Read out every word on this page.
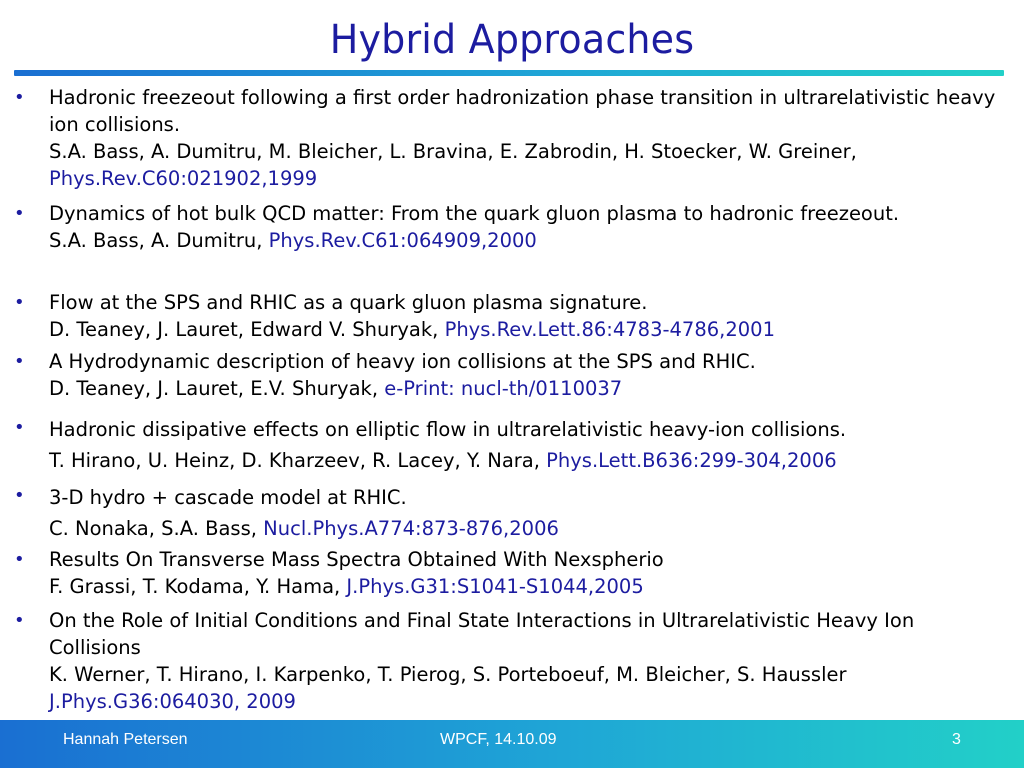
Hybrid Approaches
• Hadronic freezeout following a first order hadronization phase transition in ultrarelativistic heavy ion collisions.
S.A. Bass, A. Dumitru, M. Bleicher, L. Bravina, E. Zabrodin, H. Stoecker, W. Greiner,
Phys.Rev.C60:021902,1999
• Dynamics of hot bulk QCD matter: From the quark gluon plasma to hadronic freezeout.
S.A. Bass, A. Dumitru, Phys.Rev.C61:064909,2000
• Flow at the SPS and RHIC as a quark gluon plasma signature.
D. Teaney, J. Lauret, Edward V. Shuryak, Phys.Rev.Lett.86:4783-4786,2001
• A Hydrodynamic description of heavy ion collisions at the SPS and RHIC.
D. Teaney, J. Lauret, E.V. Shuryak, e-Print: nucl-th/0110037
• Hadronic dissipative effects on elliptic flow in ultrarelativistic heavy-ion collisions.
T. Hirano, U. Heinz, D. Kharzeev, R. Lacey, Y. Nara, Phys.Lett.B636:299-304,2006
• 3-D hydro + cascade model at RHIC.
C. Nonaka, S.A. Bass, Nucl.Phys.A774:873-876,2006
• Results On Transverse Mass Spectra Obtained With Nexspherio
F. Grassi, T. Kodama, Y. Hama, J.Phys.G31:S1041-S1044,2005
• On the Role of Initial Conditions and Final State Interactions in Ultrarelativistic Heavy Ion Collisions
K. Werner, T. Hirano, I. Karpenko, T. Pierog, S. Porteboeuf, M. Bleicher, S. Haussler
J.Phys.G36:064030, 2009
Hannah Petersen	WPCF, 14.10.09	3
